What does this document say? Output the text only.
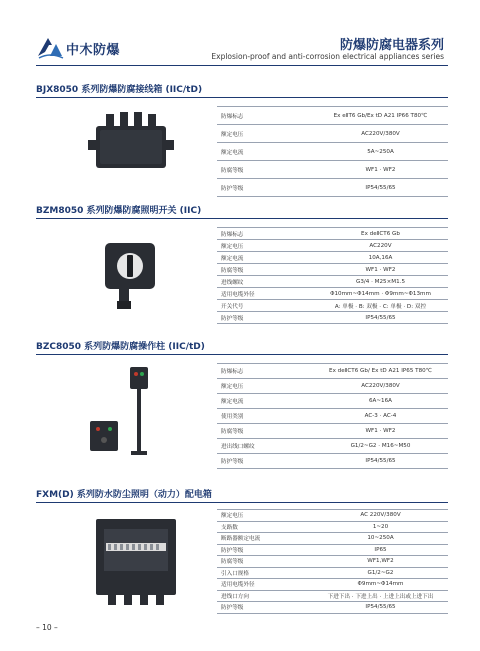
中木防爆	防爆防腐电器系列
Explosion-proof and anti-corrosion electrical appliances series
BJX8050 系列防爆防腐接线箱 (IIC/tD)
防爆标志	Ex eⅡT6 Gb/Ex tD A21 IP66 T80℃
额定电压	AC220V/380V
额定电流	5A~250A
防腐等级	WF1 · WF2
防护等级	IP54/55/65
BZM8050 系列防爆防腐照明开关 (IIC)
防爆标志	Ex deⅡCT6 Gb
额定电压	AC220V
额定电流	10A,16A
防腐等级	WF1 · WF2
进线螺纹	G3/4 · M25×M1.5
适用电缆外径	Φ10mm~Φ14mm · Φ9mm~Φ13mm
开关代号	A: 单极 · B: 双极 · C: 单极 · D: 双控
防护等级	IP54/55/65
BZC8050 系列防爆防腐操作柱 (IIC/tD)
防爆标志	Ex deⅡCT6 Gb/ Ex tD A21 IP65 T80℃
额定电压	AC220V/380V
额定电流	6A~16A
使用类别	AC-3 · AC-4
防腐等级	WF1 · WF2
进出线口螺纹	G1/2~G2 · M16~M50
防护等级	IP54/55/65
FXM(D) 系列防水防尘照明（动力）配电箱
额定电压	AC 220V/380V
支路数	1~20
断路器额定电流	10~250A
防护等级	IP65
防腐等级	WF1,WF2
引入口规格	G1/2~G2
适用电缆外径	Φ9mm~Φ14mm
进线口方向	下进下出 · 下进上出 · 上进上出或上进下出
防护等级	IP54/55/65
– 10 –
